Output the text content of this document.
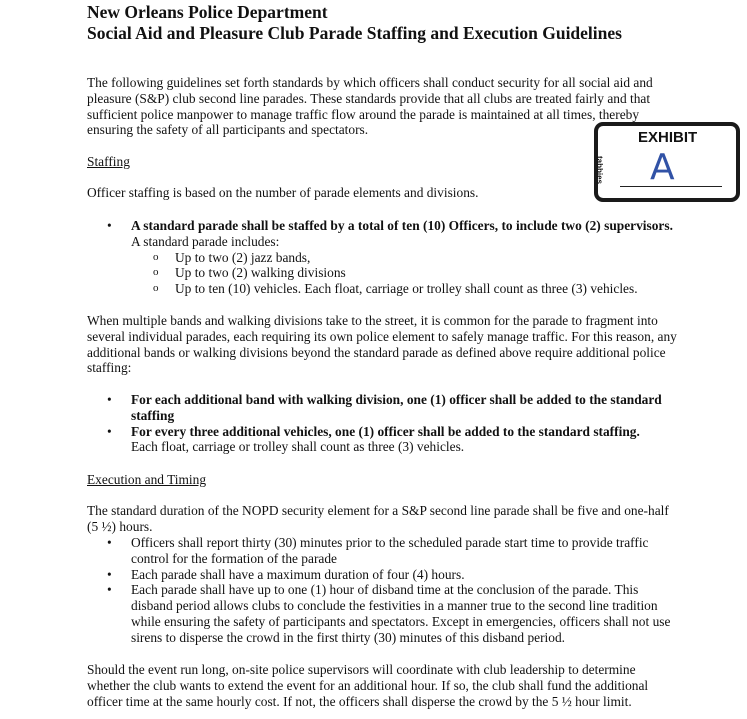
New Orleans Police Department
Social Aid and Pleasure Club Parade Staffing and Execution Guidelines
The following guidelines set forth standards by which officers shall conduct security for all social aid and pleasure (S&P) club second line parades. These standards provide that all clubs are treated fairly and that sufficient police manpower to manage traffic flow around the parade is maintained at all times, thereby ensuring the safety of all participants and spectators.	EXHIBIT
tabbies A
Staffing
Officer staffing is based on the number of parade elements and divisions.
• A standard parade shall be staffed by a total of ten (10) Officers, to include two (2) supervisors. A standard parade includes:
o Up to two (2) jazz bands,
o Up to two (2) walking divisions
o Up to ten (10) vehicles. Each float, carriage or trolley shall count as three (3) vehicles.
When multiple bands and walking divisions take to the street, it is common for the parade to fragment into several individual parades, each requiring its own police element to safely manage traffic. For this reason, any additional bands or walking divisions beyond the standard parade as defined above require additional police staffing:
• For each additional band with walking division, one (1) officer shall be added to the standard staffing
• For every three additional vehicles, one (1) officer shall be added to the standard staffing.
Each float, carriage or trolley shall count as three (3) vehicles.
Execution and Timing
The standard duration of the NOPD security element for a S&P second line parade shall be five and one-half (5 ½) hours.
• Officers shall report thirty (30) minutes prior to the scheduled parade start time to provide traffic control for the formation of the parade
• Each parade shall have a maximum duration of four (4) hours.
• Each parade shall have up to one (1) hour of disband time at the conclusion of the parade. This disband period allows clubs to conclude the festivities in a manner true to the second line tradition while ensuring the safety of participants and spectators. Except in emergencies, officers shall not use sirens to disperse the crowd in the first thirty (30) minutes of this disband period.
Should the event run long, on-site police supervisors will coordinate with club leadership to determine whether the club wants to extend the event for an additional hour. If so, the club shall fund the additional officer time at the same hourly cost. If not, the officers shall disperse the crowd by the 5 ½ hour limit.
